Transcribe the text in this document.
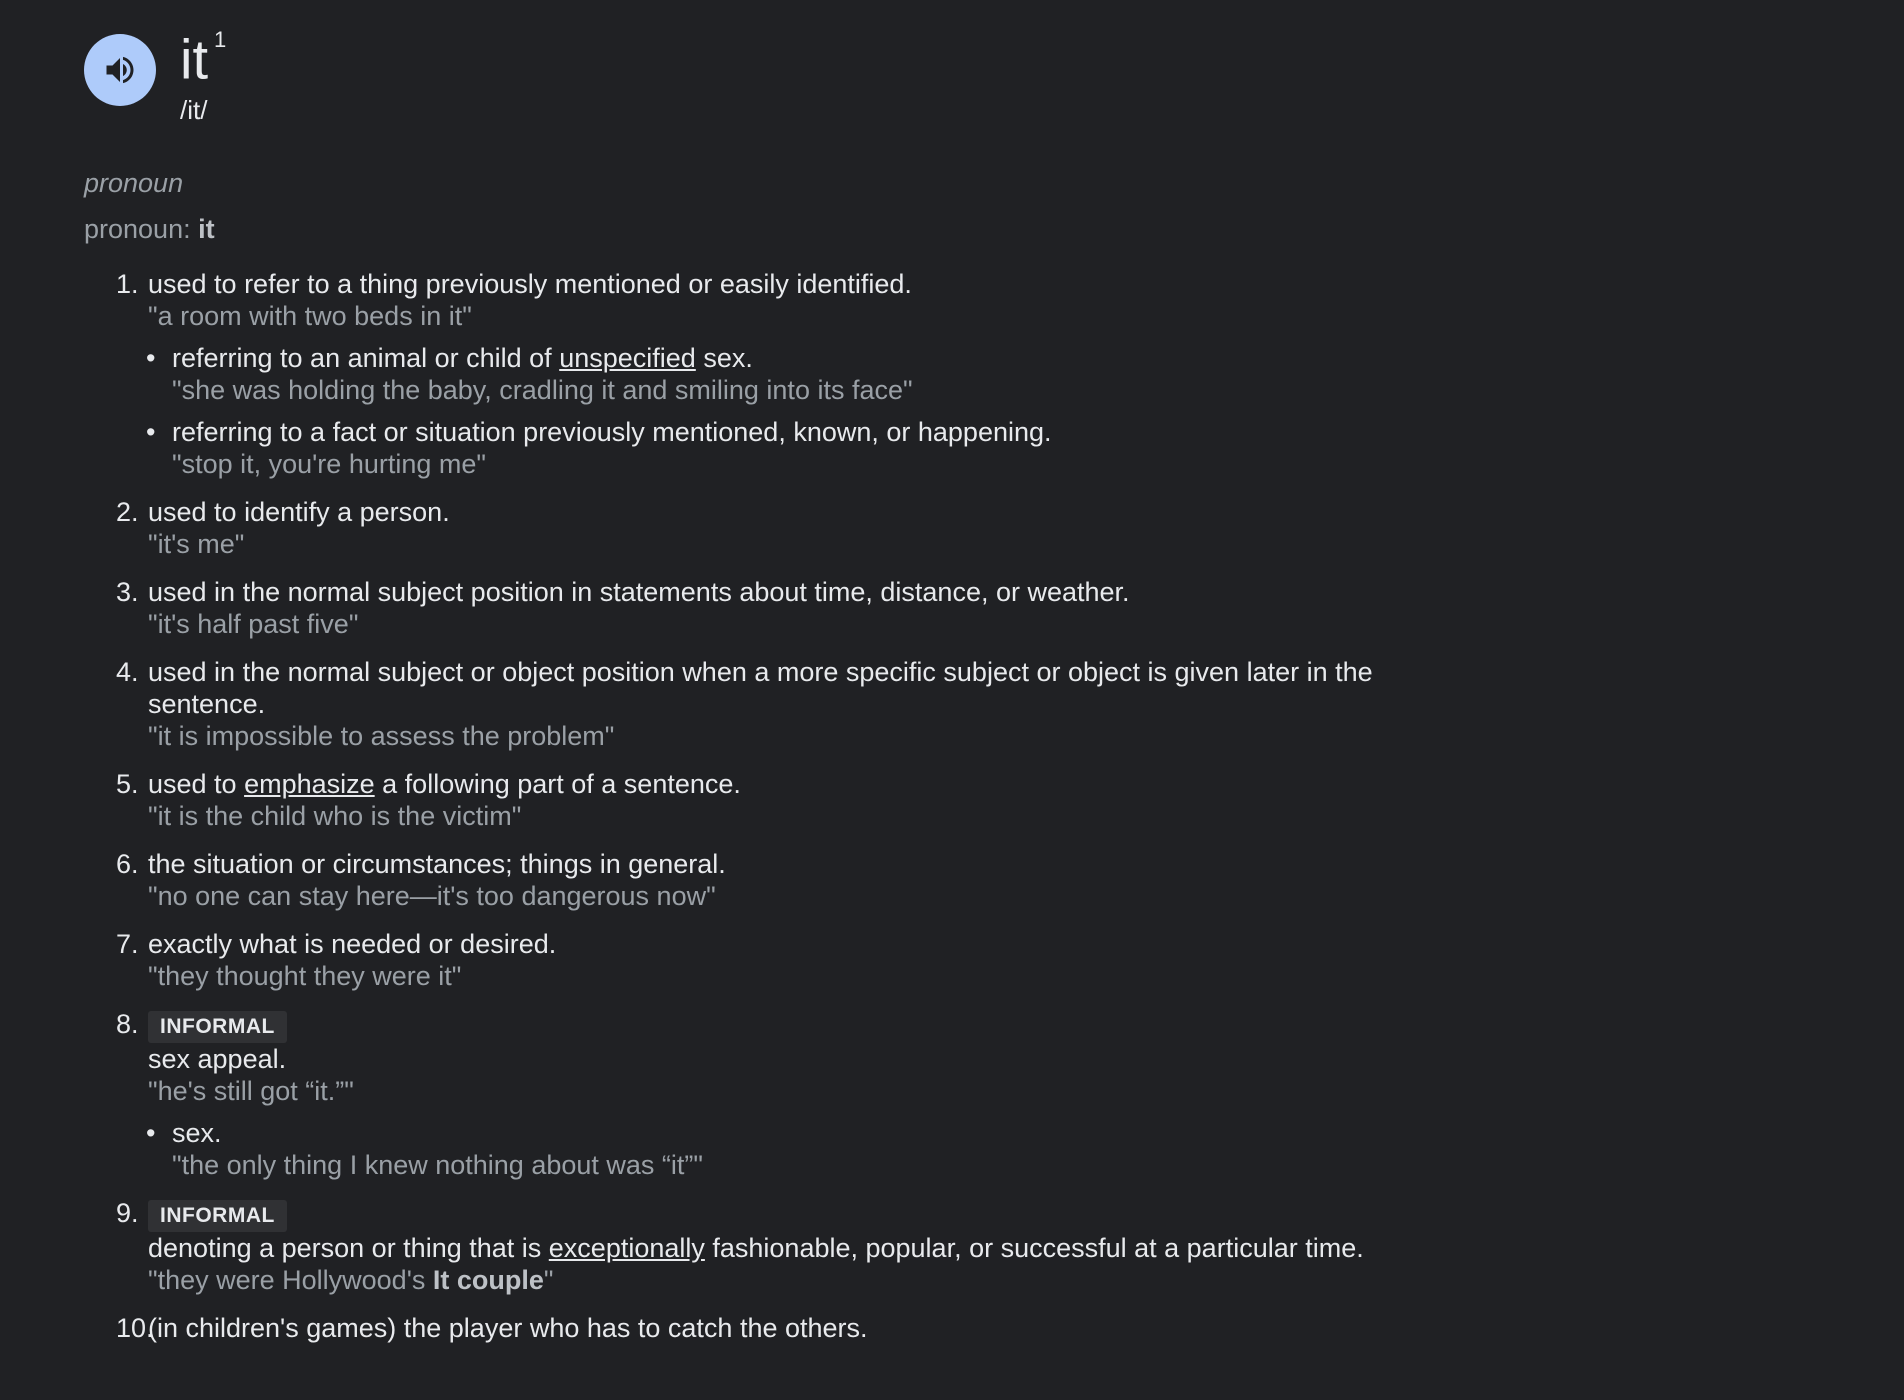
it $^1$
/it/
pronoun
pronoun: it
1. used to refer to a thing previously mentioned or easily identified.
"a room with two beds in it"
• referring to an animal or child of unspecified sex.
"she was holding the baby, cradling it and smiling into its face"
• referring to a fact or situation previously mentioned, known, or happening.
"stop it, you're hurting me"
2. used to identify a person.
"it's me"
3. used in the normal subject position in statements about time, distance, or weather.
"it's half past five"
4. used in the normal subject or object position when a more specific subject or object is given later in the sentence.
"it is impossible to assess the problem"
5. used to emphasize a following part of a sentence.
"it is the child who is the victim"
6. the situation or circumstances; things in general.
"no one can stay here—it's too dangerous now"
7. exactly what is needed or desired.
"they thought they were it"
8.	INFORMAL
sex appeal.
"he's still got “it.”"
• sex.
"the only thing I knew nothing about was “it”"
9.	INFORMAL
denoting a person or thing that is exceptionally fashionable, popular, or successful at a particular time.
"they were Hollywood's It couple"
10.
(in children's games) the player who has to catch the others.
